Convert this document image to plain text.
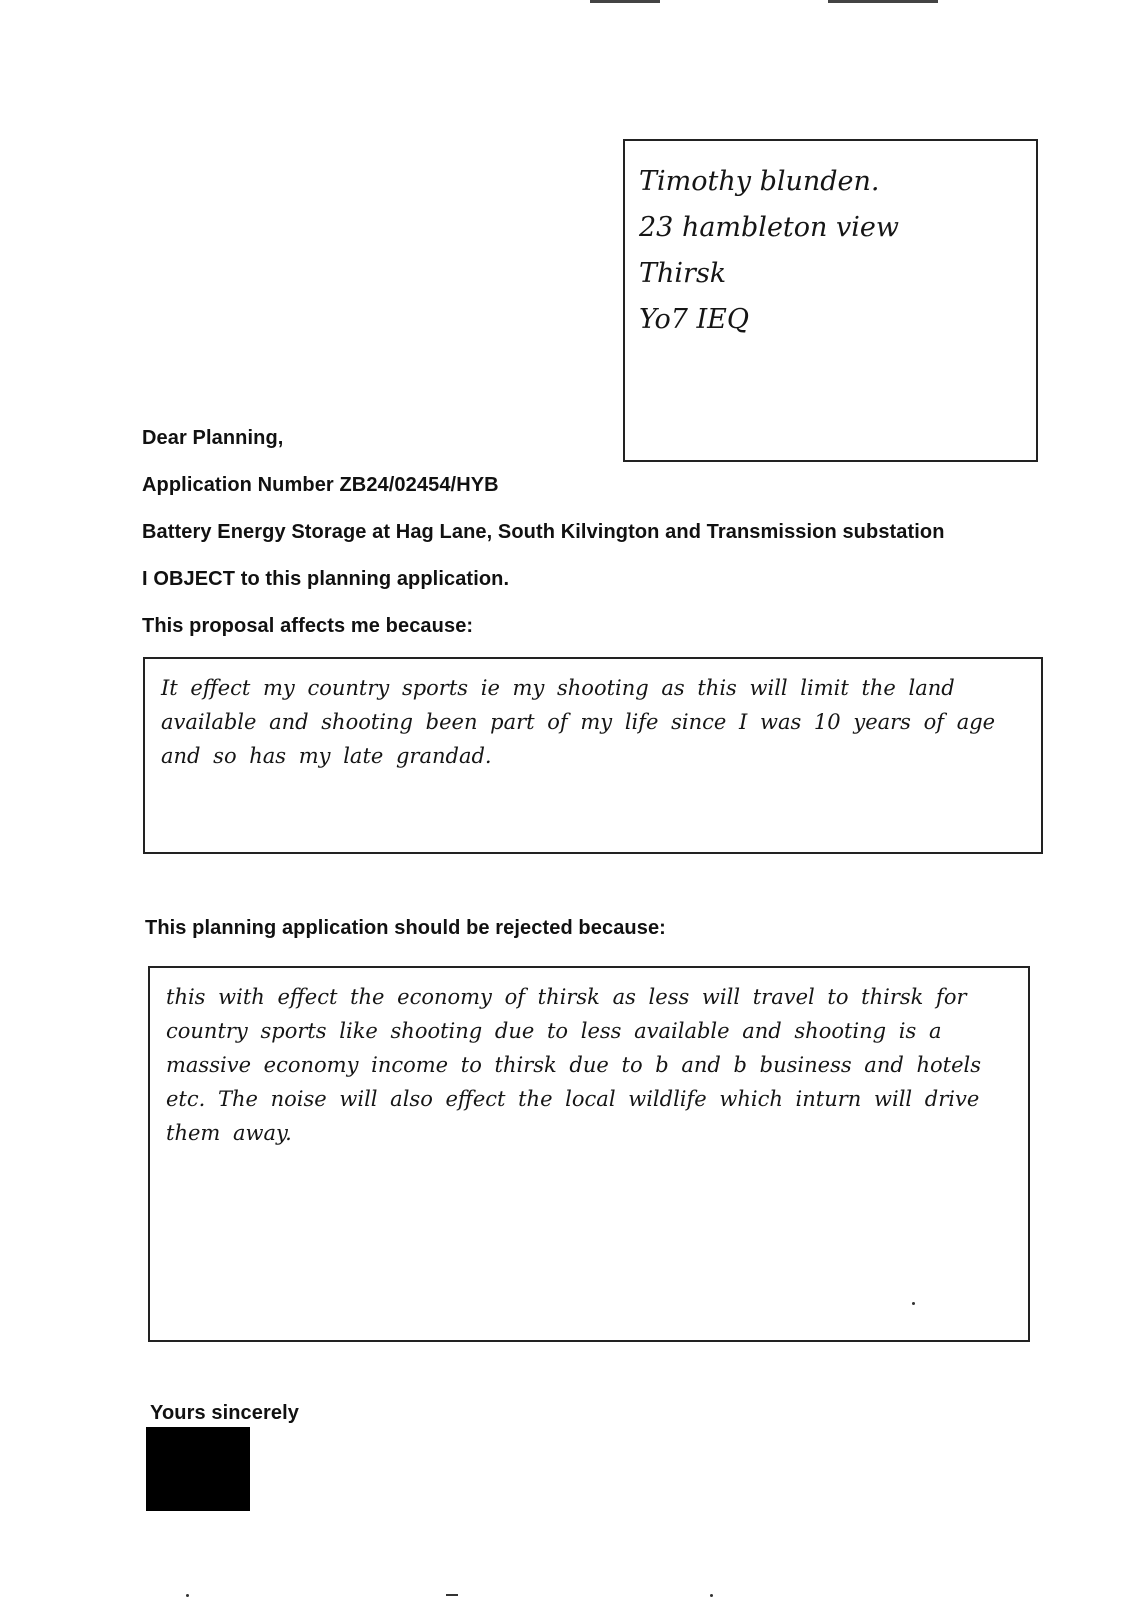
Timothy blunden.
23 hambleton view
Thirsk
Yo7 IEQ
Dear Planning,
Application Number ZB24/02454/HYB
Battery Energy Storage at Hag Lane, South Kilvington and Transmission substation
I OBJECT to this planning application.
This proposal affects me because:
It effect my country sports ie my shooting as this will limit the land available and shooting been part of my life since I was 10 years of age and so has my late grandad.
This planning application should be rejected because:
this with effect the economy of thirsk as less will travel to thirsk for country sports like shooting due to less available and shooting is a massive economy income to thirsk due to b and b business and hotels etc. The noise will also effect the local wildlife which inturn will drive them away.
Yours sincerely
